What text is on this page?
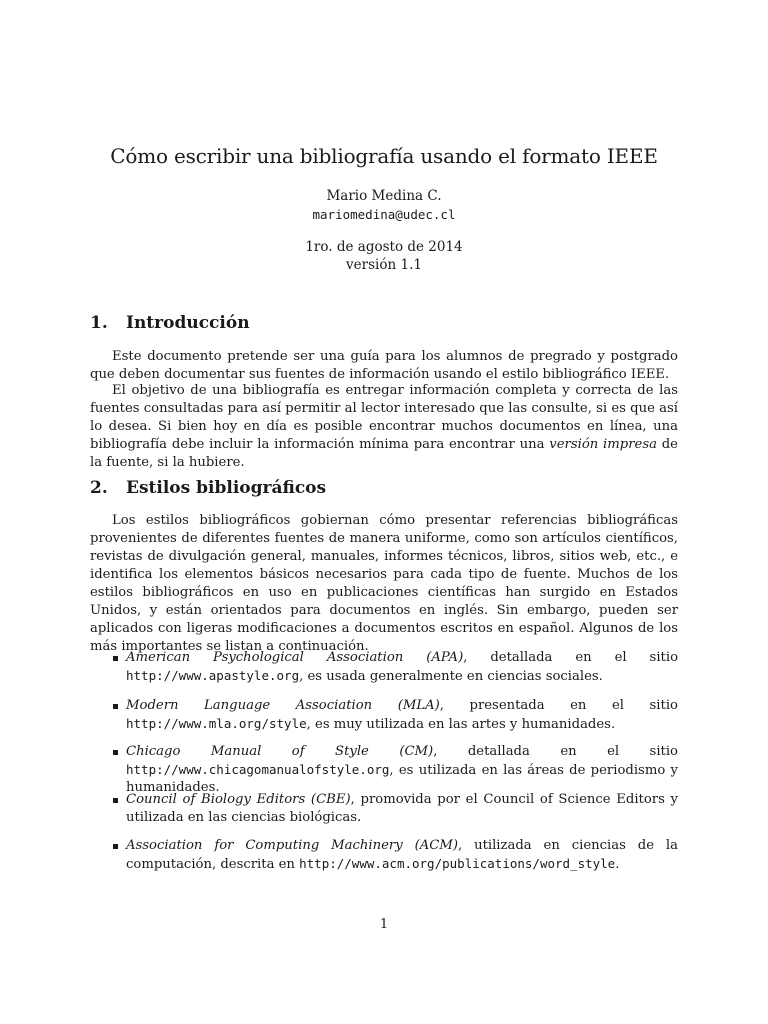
Cómo escribir una bibliografía usando el formato IEEE
Mario Medina C.
mariomedina@udec.cl
1ro. de agosto de 2014
versión 1.1
1. Introducción

Este documento pretende ser una guía para los alumnos de pregrado y postgrado que deben documentar sus fuentes de información usando el estilo bibliográfico IEEE.

El objetivo de una bibliografía es entregar información completa y correcta de las fuentes consultadas para así permitir al lector interesado que las consulte, si es que así lo desea. Si bien hoy en día es posible encontrar muchos documentos en línea, una bibliografía debe incluir la información mínima para encontrar una versión impresa de la fuente, si la hubiere.

2. Estilos bibliográficos

Los estilos bibliográficos gobiernan cómo presentar referencias bibliográficas provenientes de diferentes fuentes de manera uniforme, como son artículos científicos, revistas de divulgación general, manuales, informes técnicos, libros, sitios web, etc., e identifica los elementos básicos necesarios para cada tipo de fuente. Muchos de los estilos bibliográficos en uso en publicaciones científicas han surgido en Estados Unidos, y están orientados para documentos en inglés. Sin embargo, pueden ser aplicados con ligeras modificaciones a documentos escritos en español. Algunos de los más importantes se listan a continuación.

American Psychological Association (APA), detallada en el sitio http://www.apastyle.org, es usada generalmente en ciencias sociales.
Modern Language Association (MLA), presentada en el sitio http://www.mla.org/style, es muy utilizada en las artes y humanidades.
Chicago Manual of Style (CM), detallada en el sitio http://www.chicagomanualofstyle.org, es utilizada en las áreas de periodismo y humanidades.
Council of Biology Editors (CBE), promovida por el Council of Science Editors y utilizada en las ciencias biológicas.
Association for Computing Machinery (ACM), utilizada en ciencias de la computación, descrita en http://www.acm.org/publications/word_style.
1
